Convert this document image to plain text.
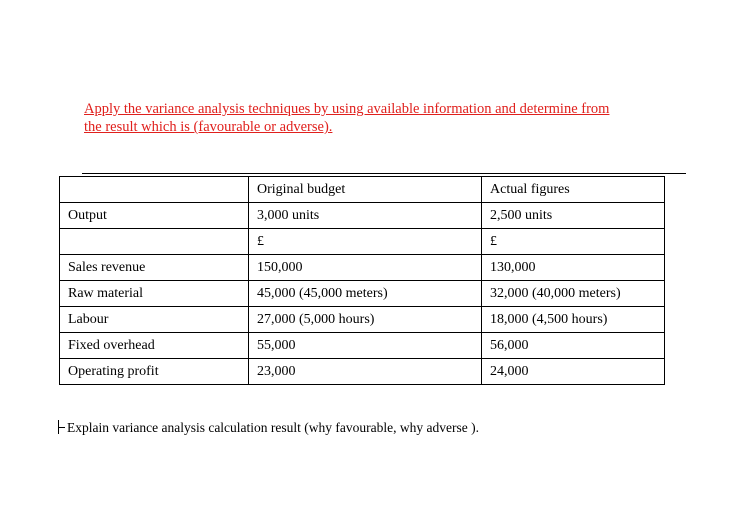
Apply the variance analysis techniques by using available information and determine from
the result which is (favourable or adverse).
	Original budget	Actual figures
Output	3,000 units	2,500 units
	£	£
Sales revenue	150,000	130,000
Raw material	45,000 (45,000 meters)	32,000 (40,000 meters)
Labour	27,000 (5,000 hours)	18,000 (4,500 hours)
Fixed overhead	55,000	56,000
Operating profit	23,000	24,000
Explain variance analysis calculation result (why favourable, why adverse ).
